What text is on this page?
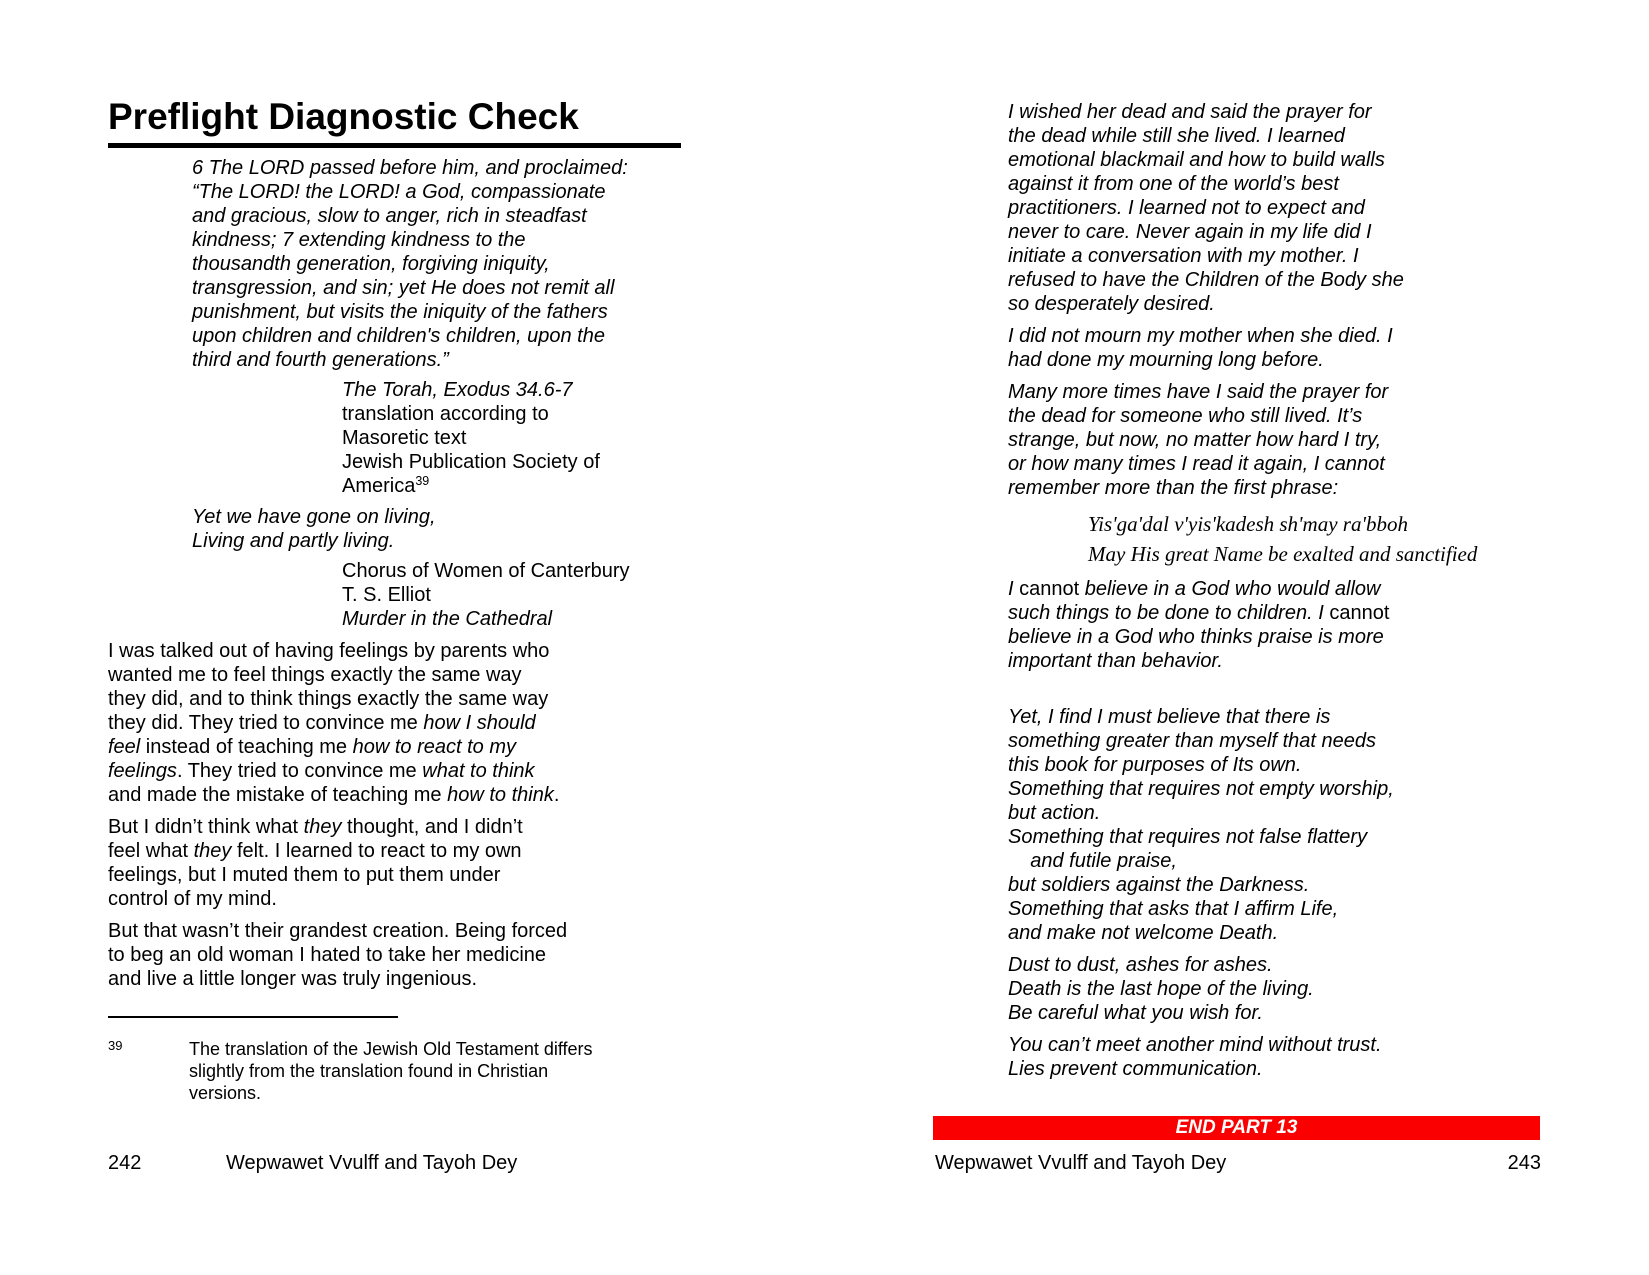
Preflight Diagnostic Check
6 The LORD passed before him, and proclaimed:
“The LORD! the LORD! a God, compassionate
and gracious, slow to anger, rich in steadfast
kindness; 7 extending kindness to the
thousandth generation, forgiving iniquity,
transgression, and sin; yet He does not remit all
punishment, but visits the iniquity of the fathers
upon children and children's children, upon the
third and fourth generations.”
The Torah, Exodus 34.6-7
translation according to
Masoretic text
Jewish Publication Society of
America$^{39}$
Yet we have gone on living,
Living and partly living.
Chorus of Women of Canterbury
T. S. Elliot
Murder in the Cathedral
I was talked out of having feelings by parents who
wanted me to feel things exactly the same way
they did, and to think things exactly the same way
they did. They tried to convince me how I should
feel instead of teaching me how to react to my
feelings. They tried to convince me what to think
and made the mistake of teaching me how to think.
But I didn’t think what they thought, and I didn’t
feel what they felt. I learned to react to my own
feelings, but I muted them to put them under
control of my mind.
But that wasn’t their grandest creation. Being forced
to beg an old woman I hated to take her medicine
and live a little longer was truly ingenious.
$^{39}$	The translation of the Jewish Old Testament differs
slightly from the translation found in Christian
versions.
I wished her dead and said the prayer for
the dead while still she lived. I learned
emotional blackmail and how to build walls
against it from one of the world’s best
practitioners. I learned not to expect and
never to care. Never again in my life did I
initiate a conversation with my mother. I
refused to have the Children of the Body she
so desperately desired.
I did not mourn my mother when she died. I
had done my mourning long before.
Many more times have I said the prayer for
the dead for someone who still lived. It’s
strange, but now, no matter how hard I try,
or how many times I read it again, I cannot
remember more than the first phrase:
Yis'ga'dal v'yis'kadesh sh'may ra'bboh
May His great Name be exalted and sanctified
I cannot believe in a God who would allow
such things to be done to children. I cannot
believe in a God who thinks praise is more
important than behavior.
Yet, I find I must believe that there is
something greater than myself that needs
this book for purposes of Its own.
Something that requires not empty worship,
but action.
Something that requires not false flattery
and futile praise,
but soldiers against the Darkness.
Something that asks that I affirm Life,
and make not welcome Death.
Dust to dust, ashes for ashes.
Death is the last hope of the living.
Be careful what you wish for.
You can’t meet another mind without trust.
Lies prevent communication.
END PART 13
242	Wepwawet Vvulff and Tayoh Dey	Wepwawet Vvulff and Tayoh Dey	243
